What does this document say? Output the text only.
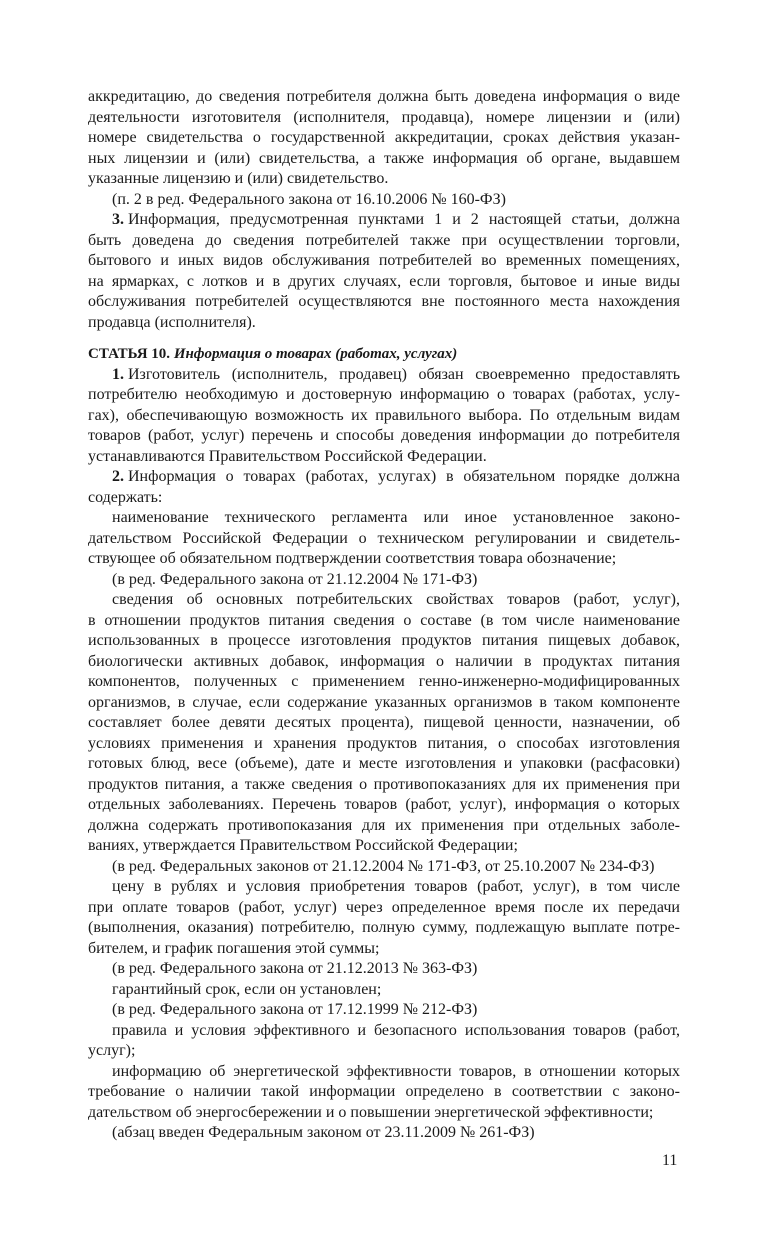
аккредитацию, до сведения потребителя должна быть доведена информация о виде
деятельности изготовителя (исполнителя, продавца), номере лицензии и (или)
номере свидетельства о государственной аккредитации, сроках действия указан-
ных лицензии и (или) свидетельства, а также информация об органе, выдавшем
указанные лицензию и (или) свидетельство.
(п. 2 в ред. Федерального закона от 16.10.2006 № 160-ФЗ)
3. Информация, предусмотренная пунктами 1 и 2 настоящей статьи, должна
быть доведена до сведения потребителей также при осуществлении торговли,
бытового и иных видов обслуживания потребителей во временных помещениях,
на ярмарках, с лотков и в других случаях, если торговля, бытовое и иные виды
обслуживания потребителей осуществляются вне постоянного места нахождения
продавца (исполнителя).
СТАТЬЯ 10. Информация о товарах (работах, услугах)
1. Изготовитель (исполнитель, продавец) обязан своевременно предоставлять
потребителю необходимую и достоверную информацию о товарах (работах, услу-
гах), обеспечивающую возможность их правильного выбора. По отдельным видам
товаров (работ, услуг) перечень и способы доведения информации до потребителя
устанавливаются Правительством Российской Федерации.
2. Информация о товарах (работах, услугах) в обязательном порядке должна
содержать:
наименование технического регламента или иное установленное законо-
дательством Российской Федерации о техническом регулировании и свидетель-
ствующее об обязательном подтверждении соответствия товара обозначение;
(в ред. Федерального закона от 21.12.2004 № 171-ФЗ)
сведения об основных потребительских свойствах товаров (работ, услуг),
в отношении продуктов питания сведения о составе (в том числе наименование
использованных в процессе изготовления продуктов питания пищевых добавок,
биологически активных добавок, информация о наличии в продуктах питания
компонентов, полученных с применением генно-инженерно-модифицированных
организмов, в случае, если содержание указанных организмов в таком компоненте
составляет более девяти десятых процента), пищевой ценности, назначении, об
условиях применения и хранения продуктов питания, о способах изготовления
готовых блюд, весе (объеме), дате и месте изготовления и упаковки (расфасовки)
продуктов питания, а также сведения о противопоказаниях для их применения при
отдельных заболеваниях. Перечень товаров (работ, услуг), информация о которых
должна содержать противопоказания для их применения при отдельных заболе-
ваниях, утверждается Правительством Российской Федерации;
(в ред. Федеральных законов от 21.12.2004 № 171-ФЗ, от 25.10.2007 № 234-ФЗ)
цену в рублях и условия приобретения товаров (работ, услуг), в том числе
при оплате товаров (работ, услуг) через определенное время после их передачи
(выполнения, оказания) потребителю, полную сумму, подлежащую выплате потре-
бителем, и график погашения этой суммы;
(в ред. Федерального закона от 21.12.2013 № 363-ФЗ)
гарантийный срок, если он установлен;
(в ред. Федерального закона от 17.12.1999 № 212-ФЗ)
правила и условия эффективного и безопасного использования товаров (работ,
услуг);
информацию об энергетической эффективности товаров, в отношении которых
требование о наличии такой информации определено в соответствии с законо-
дательством об энергосбережении и о повышении энергетической эффективности;
(абзац введен Федеральным законом от 23.11.2009 № 261-ФЗ)
11
